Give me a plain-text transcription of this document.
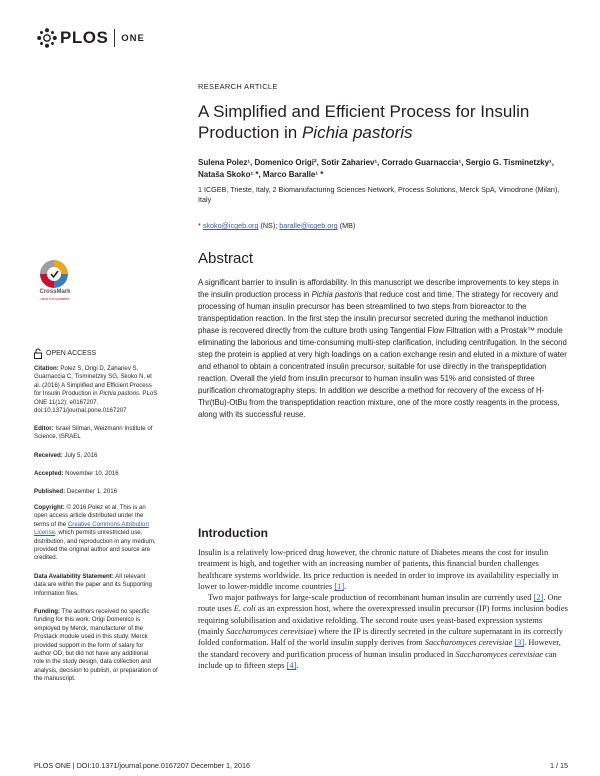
PLOS ONE
RESEARCH ARTICLE
A Simplified and Efficient Process for Insulin Production in Pichia pastoris
Sulena Polez¹, Domenico Origi², Sotir Zahariev¹, Corrado Guarnaccia¹, Sergio G. Tisminetzky¹, Nataša Skoko¹ *, Marco Baralle¹ *
1 ICGEB, Trieste, Italy, 2 Biomanufacturing Sciences Network, Process Solutions, Merck SpA, Vimodrone (Milan), Italy
* skoko@icgeb.org (NS); baralle@icgeb.org (MB)
CrossMark
click for updates
OPEN ACCESS
Citation: Polez S, Origi D, Zahariev S, Guarnaccia C, Tisminetzky SG, Skoko N, et al. (2016) A Simplified and Efficient Process for Insulin Production in Pichia pastoris. PLoS ONE 11(12): e0167207. doi:10.1371/journal.pone.0167207
Editor: Israel Silman, Weizmann Institute of Science, ISRAEL
Received: July 5, 2016
Accepted: November 10, 2016
Published: December 1, 2016
Copyright: © 2016 Polez et al. This is an open access article distributed under the terms of the Creative Commons Attribution License, which permits unrestricted use, distribution, and reproduction in any medium, provided the original author and source are credited.
Data Availability Statement: All relevant data are within the paper and its Supporting Information files.
Funding: The authors received no specific funding for this work. Origi Domenico is employed by Merck, manufacturer of the Prostack module used in this study. Merck provided support in the form of salary for author OD, but did not have any additional role in the study design, data collection and analysis, decision to publish, or preparation of the manuscript.
Abstract
A significant barrier to insulin is affordability. In this manuscript we describe improvements to key steps in the insulin production process in Pichia pastoris that reduce cost and time. The strategy for recovery and processing of human insulin precursor has been streamlined to two steps from bioreactor to the transpeptidation reaction. In the first step the insulin precursor secreted during the methanol induction phase is recovered directly from the culture broth using Tangential Flow Filtration with a Prostak™ module eliminating the laborious and time-consuming multi-step clarification, including centrifugation. In the second step the protein is applied at very high loadings on a cation exchange resin and eluted in a mixture of water and ethanol to obtain a concentrated insulin precursor, suitable for use directly in the transpeptidation reaction. Overall the yield from insulin precursor to human insulin was 51% and consisted of three purification chromatography steps. In addition we describe a method for recovery of the excess of H-Thr(tBu)-OtBu from the transpeptidation reaction mixture, one of the more costly reagents in the process, along with its successful reuse.
Introduction

Insulin is a relatively low-priced drug however, the chronic nature of Diabetes means the cost for insulin treatment is high, and together with an increasing number of patients, this financial burden challenges healthcare systems worldwide. Its price reduction is needed in order to improve its availability especially in lower to lower-middle income countries [1].

Two major pathways for large-scale production of recombinant human insulin are currently used [2]. One route uses E. coli as an expression host, where the overexpressed insulin precursor (IP) forms inclusion bodies requiring solubilisation and oxidative refolding. The second route uses yeast-based expression systems (mainly Saccharomyces cerevisiae) where the IP is directly secreted in the culture supernatant in its correctly folded conformation. Half of the world insulin supply derives from Saccharomyces cerevisiae [3]. However, the standard recovery and purification process of human insulin produced in Saccharomyces cerevisiae can include up to fifteen steps [4].

PLOS ONE | DOI:10.1371/journal.pone.0167207 December 1, 2016	1 / 15
